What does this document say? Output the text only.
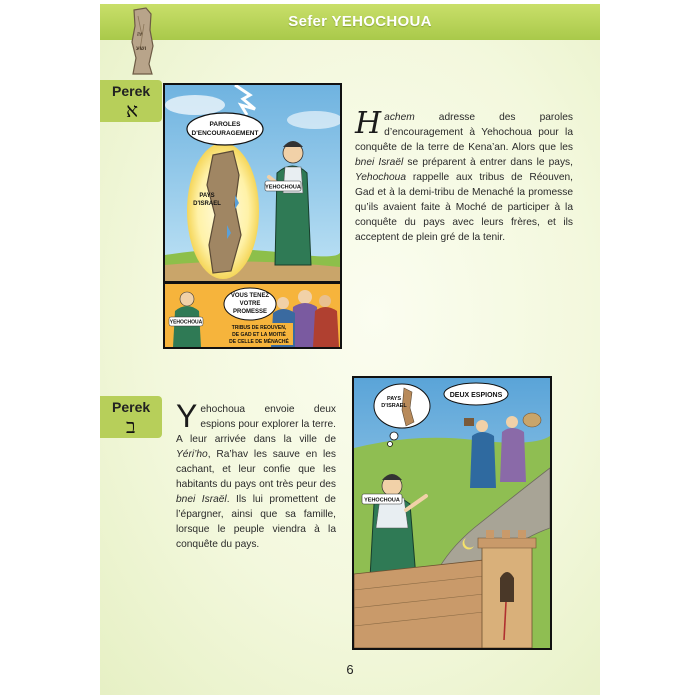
יה
ושע
Sefer YEHOCHOUA
Perek
א
PAROLES
D'ENCOURAGEMENT
PAYS
D'ISRAEL
YEHOCHOUA
YEHOCHOUA
VOUS TENEZ
VOTRE
PROMESSE
TRIBUS DE REOUVEN,
DE GAD ET LA MOITIÉ
DE CELLE DE MÉNACHÉ

Hachem adresse des paroles d’encouragement à Yehochoua pour la conquête de la terre de Kena’an. Alors que les bnei Israël se préparent à entrer dans le pays, Yehochoua rappelle aux tribus de Réouven, Gad et à la demi-tribu de Menaché la promesse qu’ils avaient faite à Moché de participer à la conquête du pays avec leurs frères, et ils acceptent de plein gré de la tenir.

Perek
ב Yehochoua envoie deux espions pour explorer la terre. A leur arrivée dans la ville de Yéri’ho, Ra’hav les sauve en les cachant, et leur confie que les habitants du pays ont très peur des bnei Israël. Ils lui promettent de l’épargner, ainsi que sa famille, lorsque le peuple viendra à la conquête du pays.

PAYS
D'ISRAEL
DEUX ESPIONS
YEHOCHOUA
6
